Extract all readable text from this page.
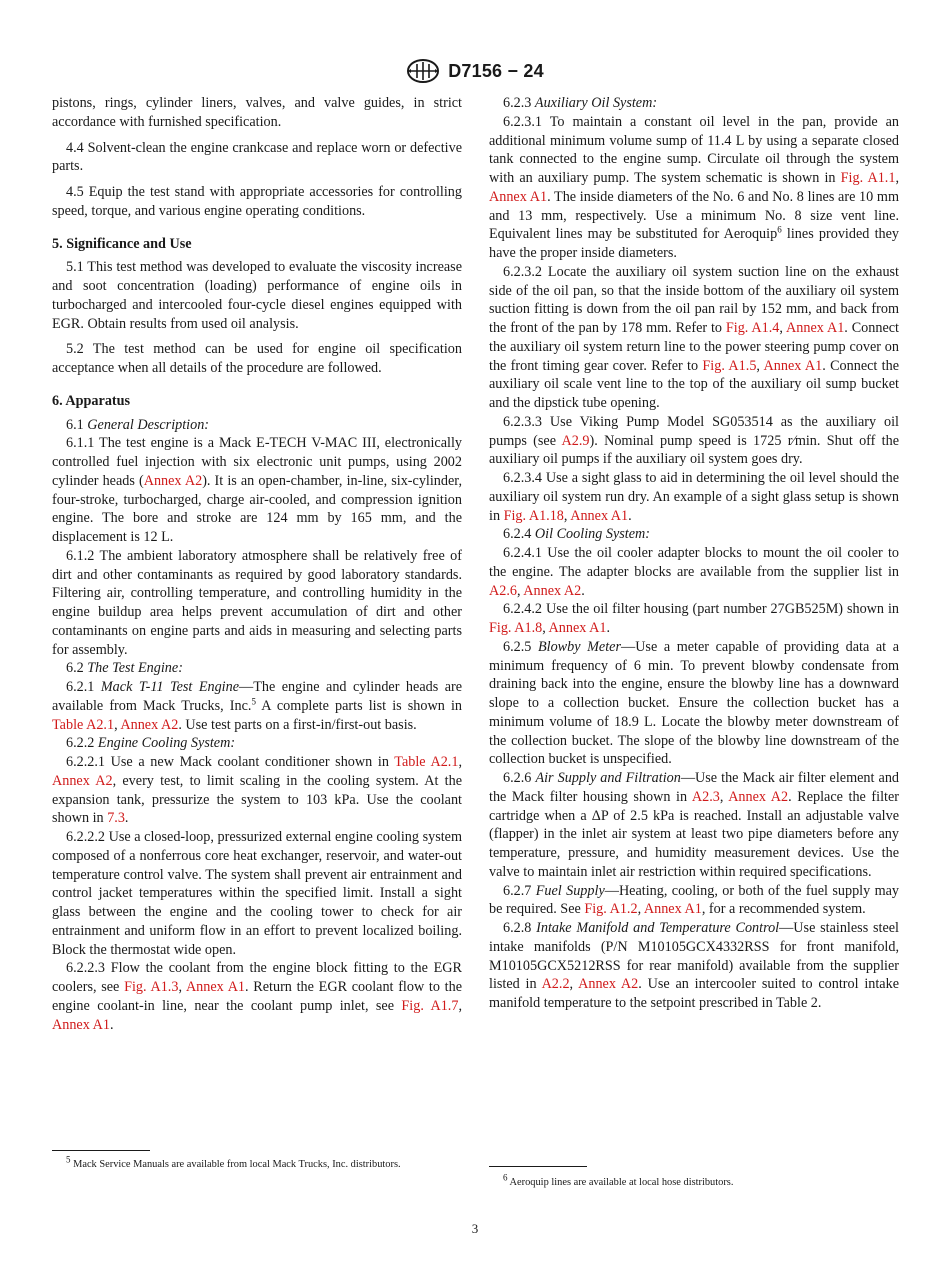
D7156 − 24

pistons, rings, cylinder liners, valves, and valve guides, in strict accordance with furnished specification.

4.4 Solvent-clean the engine crankcase and replace worn or defective parts.

4.5 Equip the test stand with appropriate accessories for controlling speed, torque, and various engine operating conditions.

5. Significance and Use

5.1 This test method was developed to evaluate the viscosity increase and soot concentration (loading) performance of engine oils in turbocharged and intercooled four-cycle diesel engines equipped with EGR. Obtain results from used oil analysis.

5.2 The test method can be used for engine oil specification acceptance when all details of the procedure are followed.

6. Apparatus

6.1 General Description:

6.1.1 The test engine is a Mack E-TECH V-MAC III, electronically controlled fuel injection with six electronic unit pumps, using 2002 cylinder heads (Annex A2). It is an open-chamber, in-line, six-cylinder, four-stroke, turbocharged, charge air-cooled, and compression ignition engine. The bore and stroke are 124 mm by 165 mm, and the displacement is 12 L.

6.1.2 The ambient laboratory atmosphere shall be relatively free of dirt and other contaminants as required by good laboratory standards. Filtering air, controlling temperature, and controlling humidity in the engine buildup area helps prevent accumulation of dirt and other contaminants on engine parts and aids in measuring and selecting parts for assembly.

6.2 The Test Engine:

6.2.1 Mack T-11 Test Engine—The engine and cylinder heads are available from Mack Trucks, Inc.$^5$ A complete parts list is shown in Table A2.1, Annex A2. Use test parts on a first-in/first-out basis.

6.2.2 Engine Cooling System:

6.2.2.1 Use a new Mack coolant conditioner shown in Table A2.1, Annex A2, every test, to limit scaling in the cooling system. At the expansion tank, pressurize the system to 103 kPa. Use the coolant shown in 7.3.

6.2.2.2 Use a closed-loop, pressurized external engine cooling system composed of a nonferrous core heat exchanger, reservoir, and water-out temperature control valve. The system shall prevent air entrainment and control jacket temperatures within the specified limit. Install a sight glass between the engine and the cooling tower to check for air entrainment and uniform flow in an effort to prevent localized boiling. Block the thermostat wide open.

6.2.2.3 Flow the coolant from the engine block fitting to the EGR coolers, see Fig. A1.3, Annex A1. Return the EGR coolant flow to the engine coolant-in line, near the coolant pump inlet, see Fig. A1.7, Annex A1.

6.2.3 Auxiliary Oil System:

6.2.3.1 To maintain a constant oil level in the pan, provide an additional minimum volume sump of 11.4 L by using a separate closed tank connected to the engine sump. Circulate oil through the system with an auxiliary pump. The system schematic is shown in Fig. A1.1, Annex A1. The inside diameters of the No. 6 and No. 8 lines are 10 mm and 13 mm, respectively. Use a minimum No. 8 size vent line. Equivalent lines may be substituted for Aeroquip$^6$ lines provided they have the proper inside diameters.

6.2.3.2 Locate the auxiliary oil system suction line on the exhaust side of the oil pan, so that the inside bottom of the auxiliary oil system suction fitting is down from the oil pan rail by 152 mm, and back from the front of the pan by 178 mm. Refer to Fig. A1.4, Annex A1. Connect the auxiliary oil system return line to the power steering pump cover on the front timing gear cover. Refer to Fig. A1.5, Annex A1. Connect the auxiliary oil scale vent line to the top of the auxiliary oil sump bucket and the dipstick tube opening.

6.2.3.3 Use Viking Pump Model SG053514 as the auxiliary oil pumps (see A2.9). Nominal pump speed is 1725 r⁄min. Shut off the auxiliary oil pumps if the auxiliary oil system goes dry.

6.2.3.4 Use a sight glass to aid in determining the oil level should the auxiliary oil system run dry. An example of a sight glass setup is shown in Fig. A1.18, Annex A1.

6.2.4 Oil Cooling System:

6.2.4.1 Use the oil cooler adapter blocks to mount the oil cooler to the engine. The adapter blocks are available from the supplier list in A2.6, Annex A2.

6.2.4.2 Use the oil filter housing (part number 27GB525M) shown in Fig. A1.8, Annex A1.

6.2.5 Blowby Meter—Use a meter capable of providing data at a minimum frequency of 6 min. To prevent blowby condensate from draining back into the engine, ensure the blowby line has a downward slope to a collection bucket. Ensure the collection bucket has a minimum volume of 18.9 L. Locate the blowby meter downstream of the collection bucket. The slope of the blowby line downstream of the collection bucket is unspecified.

6.2.6 Air Supply and Filtration—Use the Mack air filter element and the Mack filter housing shown in A2.3, Annex A2. Replace the filter cartridge when a ΔP of 2.5 kPa is reached. Install an adjustable valve (flapper) in the inlet air system at least two pipe diameters before any temperature, pressure, and humidity measurement devices. Use the valve to maintain inlet air restriction within required specifications.

6.2.7 Fuel Supply—Heating, cooling, or both of the fuel supply may be required. See Fig. A1.2, Annex A1, for a recommended system.

6.2.8 Intake Manifold and Temperature Control—Use stainless steel intake manifolds (P/N M10105GCX4332RSS for front manifold, M10105GCX5212RSS for rear manifold) available from the supplier listed in A2.2, Annex A2. Use an intercooler suited to control intake manifold temperature to the setpoint prescribed in Table 2.

$^5$ Mack Service Manuals are available from local Mack Trucks, Inc. distributors.
$^6$ Aeroquip lines are available at local hose distributors.
3
